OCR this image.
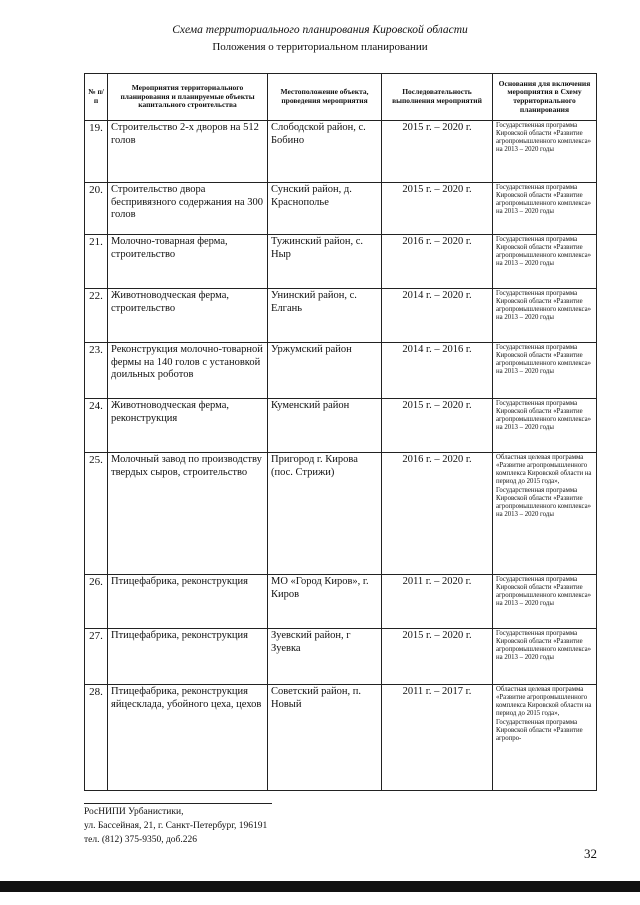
Схема территориального планирования Кировской области
Положения о территориальном планировании
№ п/п	Мероприятия территориального планирования и планируемые объекты капитального строительства	Местоположение объекта, проведения мероприятия	Последовательность выполнения мероприятий	Основания для включения мероприятия в Схему территориального планирования
19.	Строительство 2-х дворов на 512 голов	Слободской район, с. Бобино	2015 г. – 2020 г.	Государственная программа Кировской области «Развитие агропромышленного комплекса» на 2013 – 2020 годы
20.	Строительство двора беспривязного содержания на 300 голов	Сунский район, д. Краснополье	2015 г. – 2020 г.	Государственная программа Кировской области «Развитие агропромышленного комплекса» на 2013 – 2020 годы
21.	Молочно-товарная ферма, строительство	Тужинский район, с. Ныр	2016 г. – 2020 г.	Государственная программа Кировской области «Развитие агропромышленного комплекса» на 2013 – 2020 годы
22.	Животноводческая ферма, строительство	Унинский район, с. Елгань	2014 г. – 2020 г.	Государственная программа Кировской области «Развитие агропромышленного комплекса» на 2013 – 2020 годы
23.	Реконструкция молочно-товарной фермы на 140 голов с установкой доильных роботов	Уржумский район	2014 г. – 2016 г.	Государственная программа Кировской области «Развитие агропромышленного комплекса» на 2013 – 2020 годы
24.	Животноводческая ферма, реконструкция	Куменский район	2015 г. – 2020 г.	Государственная программа Кировской области «Развитие агропромышленного комплекса» на 2013 – 2020 годы
25.	Молочный завод по производству твердых сыров, строительство	Пригород г. Кирова (пос. Стрижи)	2016 г. – 2020 г.	Областная целевая программа «Развитие агропромышленного комплекса Кировской области на период до 2015 года», Государственная программа Кировской области «Развитие агропромышленного комплекса» на 2013 – 2020 годы
26.	Птицефабрика, реконструкция	МО «Город Киров», г. Киров	2011 г. – 2020 г.	Государственная программа Кировской области «Развитие агропромышленного комплекса» на 2013 – 2020 годы
27.	Птицефабрика, реконструкция	Зуевский район, г Зуевка	2015 г. – 2020 г.	Государственная программа Кировской области «Развитие агропромышленного комплекса» на 2013 – 2020 годы
28.	Птицефабрика, реконструкция яйцесклада, убойного цеха, цехов	Советский район, п. Новый	2011 г. – 2017 г.	Областная целевая программа «Развитие агропромышленного комплекса Кировской области на период до 2015 года», Государственная программа Кировской области «Развитие агропро-
РосНИПИ Урбанистики,
ул. Бассейная, 21, г. Санкт-Петербург, 196191
тел. (812) 375-9350, доб.226
32
